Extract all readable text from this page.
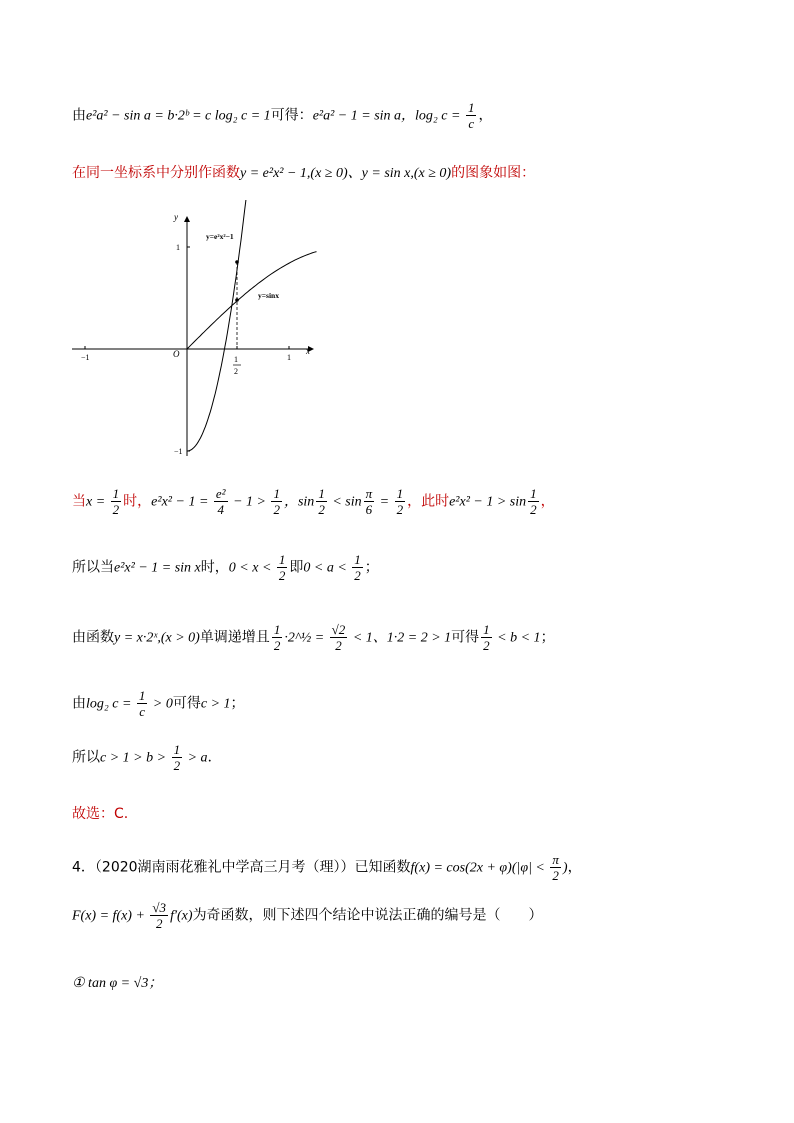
由e²a² − sin a = b·2ᵇ = c log₂ c = 1可得：e²a² − 1 = sin a，log₂ $c = \frac{1}{c}$ ，
在同一坐标系中分别作函数y = e²x² − 1,(x ≥ 0)、y = sin x,(x ≥ 0)的图象如图：
−1	1
1
−1
O	x
y
1
2
y=e²x²−1
y=sinx
当$x = \frac{1}{2}$ 时，$e^2x^2 - 1 = \frac{\text{e²}}{4} - 1 > \frac{1}{2}$ ，$\sin \frac{1}{2} < \sin \frac{\pi}{6} = \frac{1}{2}$ ，此时$e^2x^2 - 1 > \sin \frac{1}{2}$ ，
所以当e²x² − 1 = sin x时，$0 < x < \frac{1}{2}$ 即$0 < a < \frac{1}{2}$ ；
由函数y = x·2ˣ,(x > 0)单调递增且 $\frac{1}{2}$ ·2^½ = $\frac{√2}{2} < 1$、1·2 = 2 > 1可得 $\frac{1}{2} < b < 1$；
由log₂ $c = \frac{1}{c} > 0$可得c > 1；
所以$c > 1 > b > \frac{1}{2} > a$.
故选：C.
4．（2020湖南雨花雅礼中学高三月考（理））已知函数$f(x) = \cos(2x + \varphi)(|\varphi| < \frac{\pi}{2}$ )，
$F(x) = f(x) + \frac{√3}{2} f'(x)$为奇函数，则下述四个结论中说法正确的编号是（　　）
① tan φ = √3；
